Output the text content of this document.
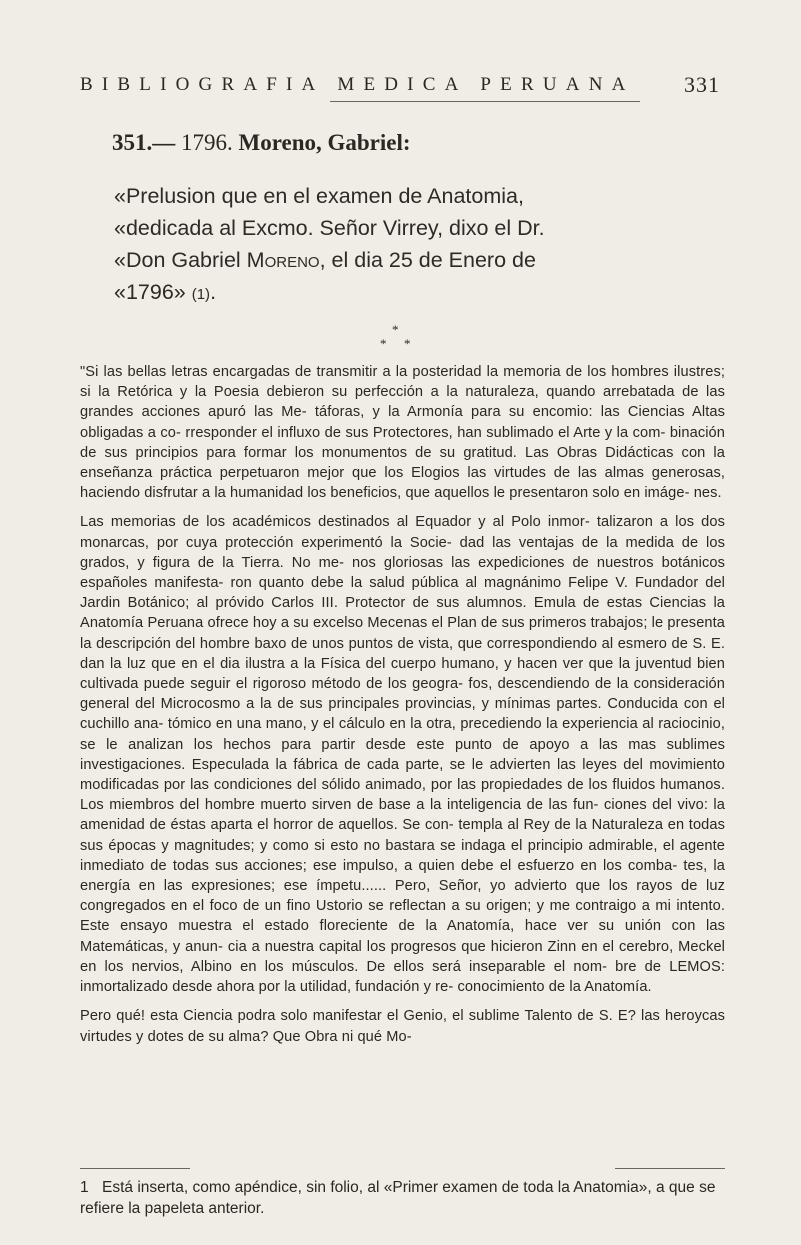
BIBLIOGRAFIA MEDICA PERUANA 331
351.— 1796. Moreno, Gabriel:
«Prelusion que en el examen de Anatomia,
«dedicada al Excmo. Señor Virrey, dixo el Dr.
«Don Gabriel Moreno, el dia 25 de Enero de
«1796» (1).
*
* *

"Si las bellas letras encargadas de transmitir a la posteridad la memoria de los hombres ilustres; si la Retórica y la Poesia debieron su perfección a la naturaleza, quando arrebatada de las grandes acciones apuró las Me- táforas, y la Armonía para su encomio: las Ciencias Altas obligadas a co- rresponder el influxo de sus Protectores, han sublimado el Arte y la com- binación de sus principios para formar los monumentos de su gratitud. Las Obras Didácticas con la enseñanza práctica perpetuaron mejor que los Elogios las virtudes de las almas generosas, haciendo disfrutar a la humanidad los beneficios, que aquellos le presentaron solo en imáge- nes.

Las memorias de los académicos destinados al Equador y al Polo inmor- talizaron a los dos monarcas, por cuya protección experimentó la Socie- dad las ventajas de la medida de los grados, y figura de la Tierra. No me- nos gloriosas las expediciones de nuestros botánicos españoles manifesta- ron quanto debe la salud pública al magnánimo Felipe V. Fundador del Jardin Botánico; al próvido Carlos III. Protector de sus alumnos. Emula de estas Ciencias la Anatomía Peruana ofrece hoy a su excelso Mecenas el Plan de sus primeros trabajos; le presenta la descripción del hombre baxo de unos puntos de vista, que correspondiendo al esmero de S. E. dan la luz que en el dia ilustra a la Física del cuerpo humano, y hacen ver que la juventud bien cultivada puede seguir el rigoroso método de los geogra- fos, descendiendo de la consideración general del Microcosmo a la de sus principales provincias, y mínimas partes. Conducida con el cuchillo ana- tómico en una mano, y el cálculo en la otra, precediendo la experiencia al raciocinio, se le analizan los hechos para partir desde este punto de apoyo a las mas sublimes investigaciones. Especulada la fábrica de cada parte, se le advierten las leyes del movimiento modificadas por las condiciones del sólido animado, por las propiedades de los fluidos humanos. Los miembros del hombre muerto sirven de base a la inteligencia de las fun- ciones del vivo: la amenidad de éstas aparta el horror de aquellos. Se con- templa al Rey de la Naturaleza en todas sus épocas y magnitudes; y como si esto no bastara se indaga el principio admirable, el agente inmediato de todas sus acciones; ese impulso, a quien debe el esfuerzo en los comba- tes, la energía en las expresiones; ese ímpetu...... Pero, Señor, yo advierto que los rayos de luz congregados en el foco de un fino Ustorio se reflectan a su origen; y me contraigo a mi intento. Este ensayo muestra el estado floreciente de la Anatomía, hace ver su unión con las Matemáticas, y anun- cia a nuestra capital los progresos que hicieron Zinn en el cerebro, Meckel en los nervios, Albino en los músculos. De ellos será inseparable el nom- bre de LEMOS: inmortalizado desde ahora por la utilidad, fundación y re- conocimiento de la Anatomía.

Pero qué! esta Ciencia podra solo manifestar el Genio, el sublime Talento de S. E? las heroycas virtudes y dotes de su alma? Que Obra ni qué Mo-

1 Está inserta, como apéndice, sin folio, al «Primer examen de toda la Anatomia», a que se refiere la papeleta anterior.
